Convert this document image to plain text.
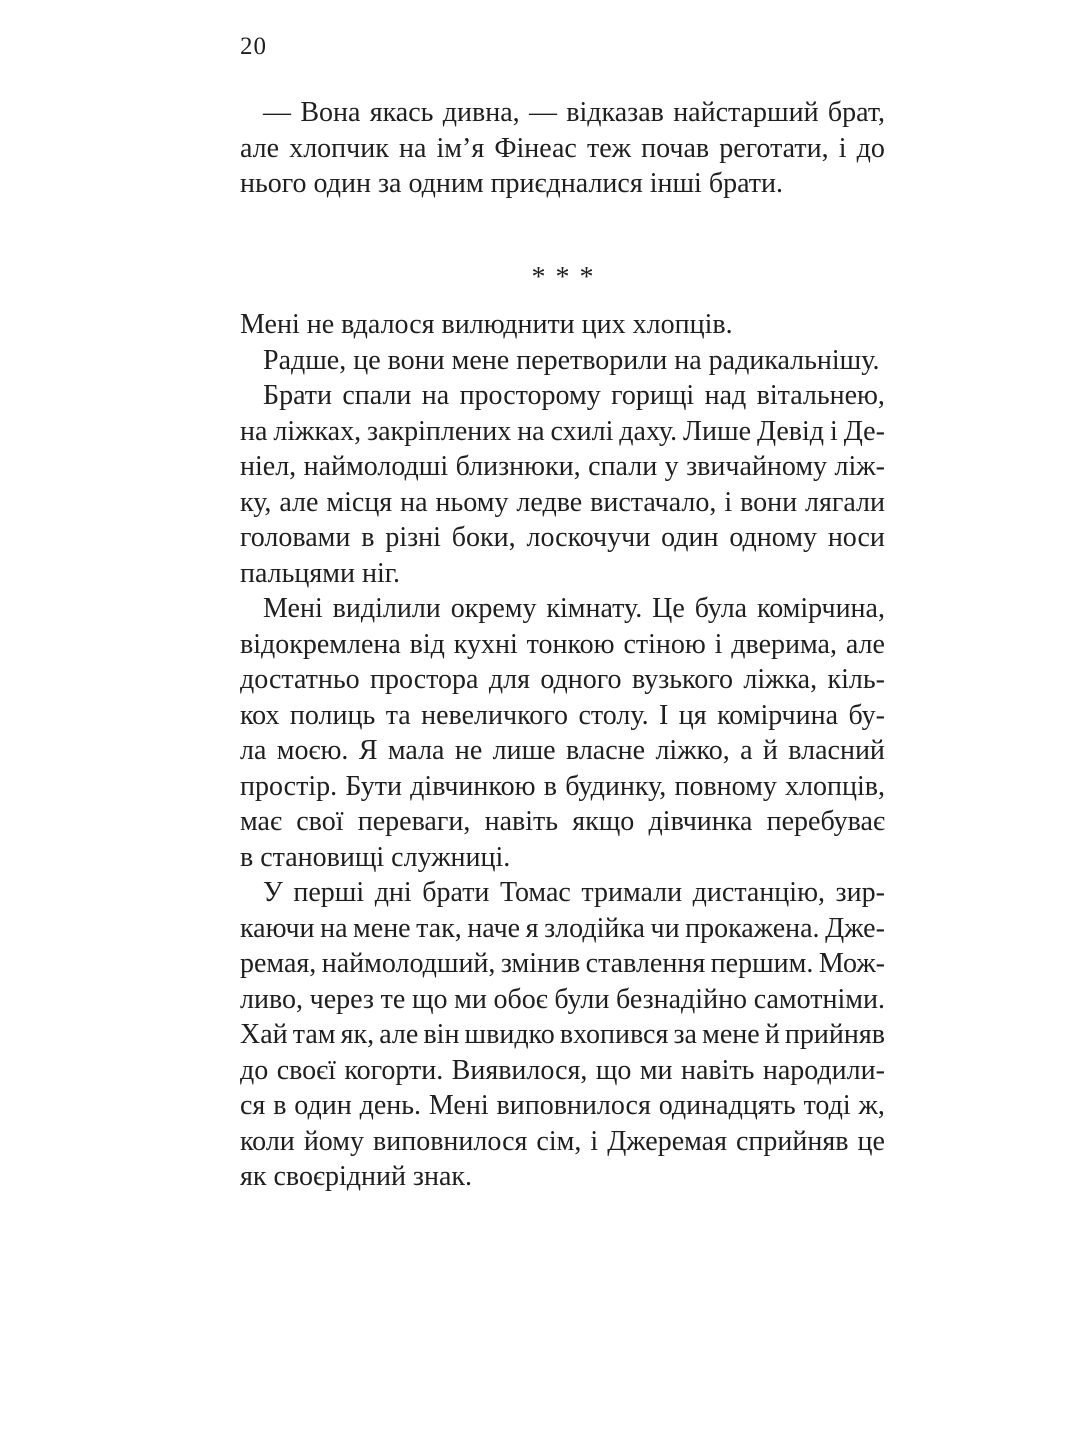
20
— Вона якась дивна, — відказав найстарший брат,
але хлопчик на ім’я Фінеас теж почав реготати, і до
нього один за одним приєдналися інші брати.
* * *
Мені не вдалося вилюднити цих хлопців.
Радше, це вони мене перетворили на радикальнішу.
Брати спали на просторому горищі над вітальнею,
на ліжках, закріплених на схилі даху. Лише Девід і Де-
ніел, наймолодші близнюки, спали у звичайному ліж-
ку, але місця на ньому ледве вистачало, і вони лягали
головами в різні боки, лоскочучи один одному носи
пальцями ніг.
Мені виділили окрему кімнату. Це була комірчина,
відокремлена від кухні тонкою стіною і дверима, але
достатньо простора для одного вузького ліжка, кіль-
кох полиць та невеличкого столу. І ця комірчина бу-
ла моєю. Я мала не лише власне ліжко, а й власний
простір. Бути дівчинкою в будинку, повному хлопців,
має свої переваги, навіть якщо дівчинка перебуває
в становищі служниці.
У перші дні брати Томас тримали дистанцію, зир-
каючи на мене так, наче я злодійка чи прокажена. Дже-
ремая, наймолодший, змінив ставлення першим. Мож-
ливо, через те що ми обоє були безнадійно самотніми.
Хай там як, але він швидко вхопився за мене й прийняв
до своєї когорти. Виявилося, що ми навіть народили-
ся в один день. Мені виповнилося одинадцять тоді ж,
коли йому виповнилося сім, і Джеремая сприйняв це
як своєрідний знак.
